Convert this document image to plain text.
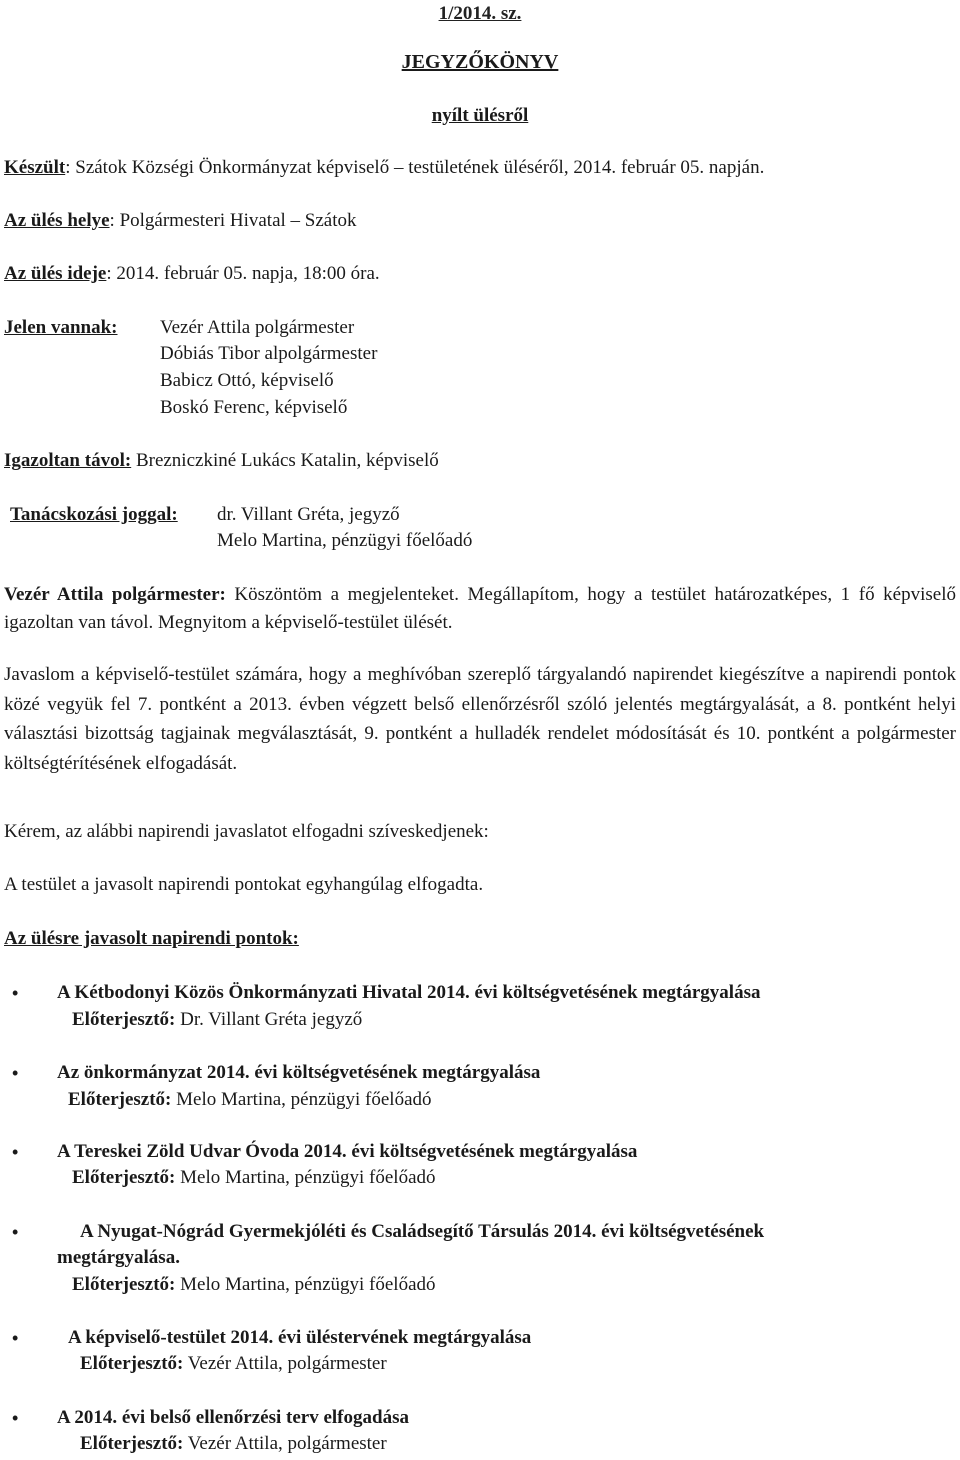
1/2014. sz.

JEGYZŐKÖNYV

nyílt ülésről

Készült: Szátok Községi Önkormányzat képviselő – testületének üléséről, 2014. február 05. napján.

Az ülés helye: Polgármesteri Hivatal – Szátok

Az ülés ideje: 2014. február 05. napja, 18:00 óra.

Jelen vannak: Vezér Attila polgármester

Dóbiás Tibor alpolgármester

Babicz Ottó, képviselő

Boskó Ferenc, képviselő

Igazoltan távol: Brezniczkiné Lukács Katalin, képviselő

Tanácskozási joggal: dr. Villant Gréta, jegyző

Melo Martina, pénzügyi főelőadó

Vezér Attila polgármester: Köszöntöm a megjelenteket. Megállapítom, hogy a testület határozatképes, 1 fő képviselő igazoltan van távol. Megnyitom a képviselő-testület ülését.

Javaslom a képviselő-testület számára, hogy a meghívóban szereplő tárgyalandó napirendet kiegészítve a napirendi pontok közé vegyük fel 7. pontként a 2013. évben végzett belső ellenőrzésről szóló jelentés megtárgyalását, a 8. pontként helyi választási bizottság tagjainak megválasztását, 9. pontként a hulladék rendelet módosítását és 10. pontként a polgármester költségtérítésének elfogadását.

Kérem, az alábbi napirendi javaslatot elfogadni szíveskedjenek:

A testület a javasolt napirendi pontokat egyhangúlag elfogadta.

Az ülésre javasolt napirendi pontok:

• A Kétbodonyi Közös Önkormányzati Hivatal 2014. évi költségvetésének megtárgyalása

Előterjesztő: Dr. Villant Gréta jegyző

• Az önkormányzat 2014. évi költségvetésének megtárgyalása

Előterjesztő: Melo Martina, pénzügyi főelőadó

• A Tereskei Zöld Udvar Óvoda 2014. évi költségvetésének megtárgyalása

Előterjesztő: Melo Martina, pénzügyi főelőadó

•	A Nyugat-Nógrád Gyermekjóléti és Családsegítő Társulás 2014. évi költségvetésének

megtárgyalása.

Előterjesztő: Melo Martina, pénzügyi főelőadó

•	A képviselő-testület 2014. évi üléstervének megtárgyalása

Előterjesztő: Vezér Attila, polgármester

• A 2014. évi belső ellenőrzési terv elfogadása

Előterjesztő: Vezér Attila, polgármester
